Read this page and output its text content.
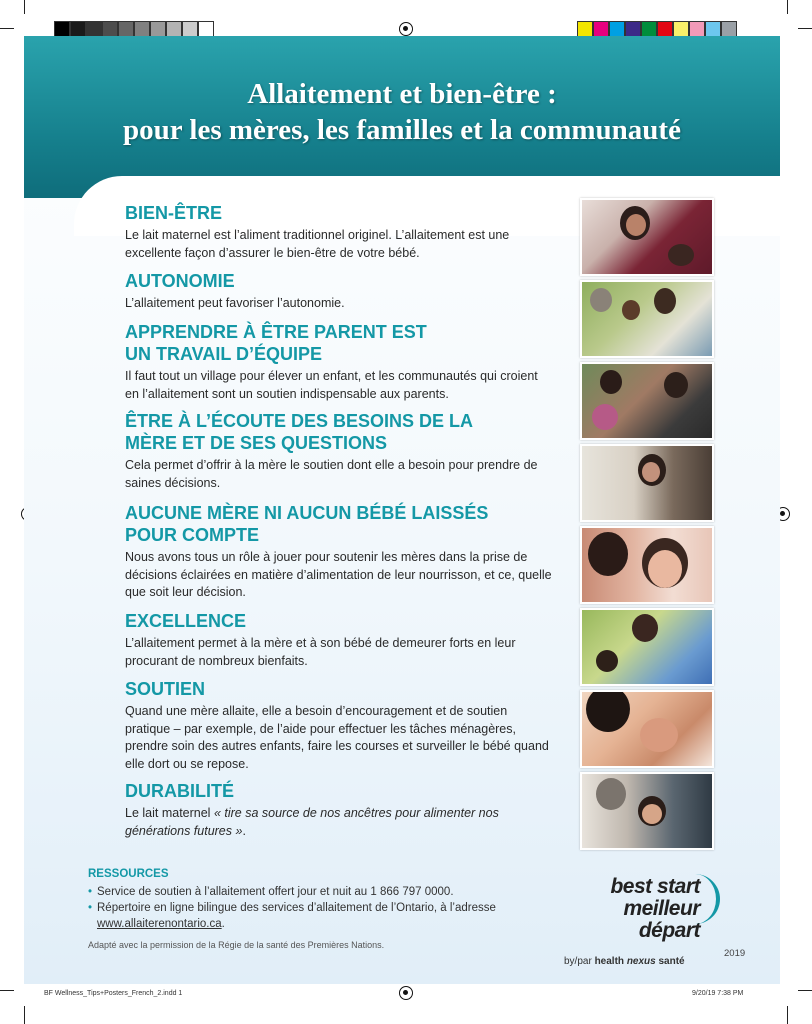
Allaitement et bien-être :
pour les mères, les familles et la communauté
BIEN-ÊTRE

Le lait maternel est l’aliment traditionnel originel. L’allaitement est une excellente façon d’assurer le bien-être de votre bébé.

AUTONOMIE

L’allaitement peut favoriser l’autonomie.

APPRENDRE À ÊTRE PARENT EST
UN TRAVAIL D’ÉQUIPE

Il faut tout un village pour élever un enfant, et les communautés qui croient en l’allaitement sont un soutien indispensable aux parents.

ÊTRE À L’ÉCOUTE DES BESOINS DE LA
MÈRE ET DE SES QUESTIONS

Cela permet d’offrir à la mère le soutien dont elle a besoin pour prendre de saines décisions.

AUCUNE MÈRE NI AUCUN BÉBÉ LAISSÉS
POUR COMPTE

Nous avons tous un rôle à jouer pour soutenir les mères dans la prise de décisions éclairées en matière d’alimentation de leur nourrisson, et ce, quelle que soit leur décision.

EXCELLENCE

L’allaitement permet à la mère et à son bébé de demeurer forts en leur procurant de nombreux bienfaits.

SOUTIEN

Quand une mère allaite, elle a besoin d’encouragement et de soutien pratique – par exemple, de l’aide pour effectuer les tâches ménagères, prendre soin des autres enfants, faire les courses et surveiller le bébé quand elle dort ou se repose.

DURABILITÉ

Le lait maternel « tire sa source de nos ancêtres pour alimenter nos générations futures ».

RESSOURCES
• Service de soutien à l’allaitement offert jour et nuit au 1 866 797 0000.
• Répertoire en ligne bilingue des services d’allaitement de l’Ontario, à l’adresse www.allaiterenontario.ca.
Adapté avec la permission de la Régie de la santé des Premières Nations.
best start
meilleur départ
by/par health nexus santé
2019
BF Wellness_Tips+Posters_French_2.indd 1	9/20/19 7:38 PM
